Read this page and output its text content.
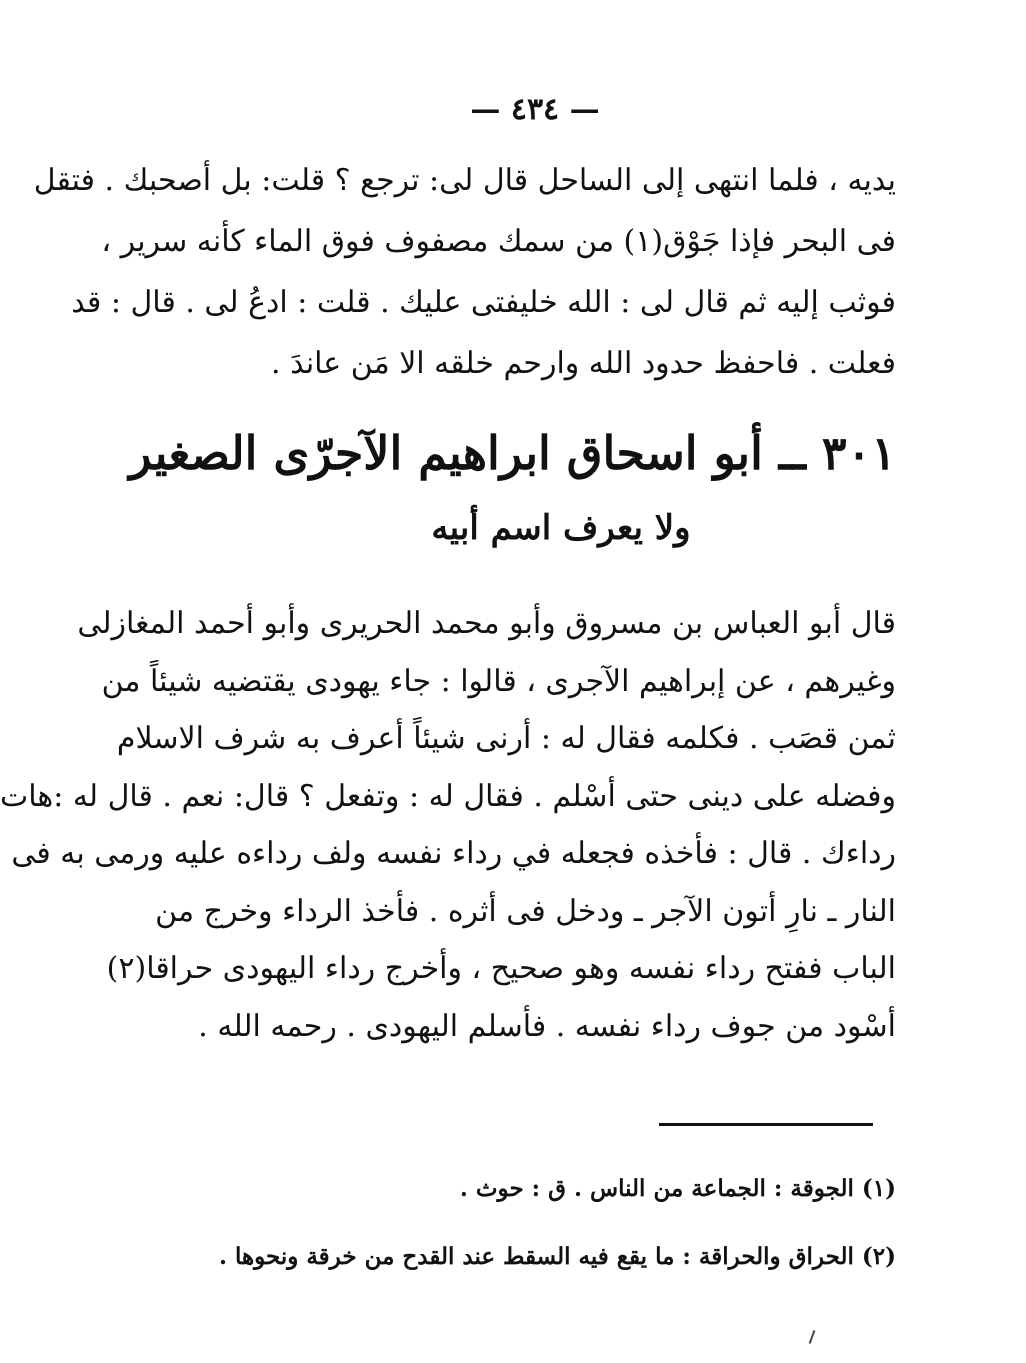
— ٤٣٤ —
يديه ، فلما انتهى إلى الساحل قال لى: ترجع ؟ قلت: بل أصحبك . فتقل
فى البحر فإذا جَوْق(١) من سمك مصفوف فوق الماء كأنه سرير ،
فوثب إليه ثم قال لى : الله خليفتى عليك . قلت : ادعُ لى . قال : قد
فعلت . فاحفظ حدود الله وارحم خلقه الا مَن عاندَ .
٣٠١ ــ أبو اسحاق ابراهيم الآجرّى الصغير
ولا يعرف اسم أبيه
قال أبو العباس بن مسروق وأبو محمد الحريرى وأبو أحمد المغازلى
وغيرهم ، عن إبراهيم الآجرى ، قالوا : جاء يهودى يقتضيه شيئاً من
ثمن قصَب . فكلمه فقال له : أرنى شيئاً أعرف به شرف الاسلام
وفضله على دينى حتى أسْلم . فقال له : وتفعل ؟ قال: نعم . قال له :هات
رداءك . قال : فأخذه فجعله في رداء نفسه ولف رداءه عليه ورمى به فى
النار ـ نارِ أتون الآجر ـ ودخل فى أثره . فأخذ الرداء وخرج من
الباب ففتح رداء نفسه وهو صحيح ، وأخرج رداء اليهودى حراقا(٢)
أسْود من جوف رداء نفسه . فأسلم اليهودى . رحمه الله .
(١) الجوقة : الجماعة من الناس . ق : حوث .
(٢) الحراق والحراقة : ما يقع فيه السقط عند القدح من خرقة ونحوها .
